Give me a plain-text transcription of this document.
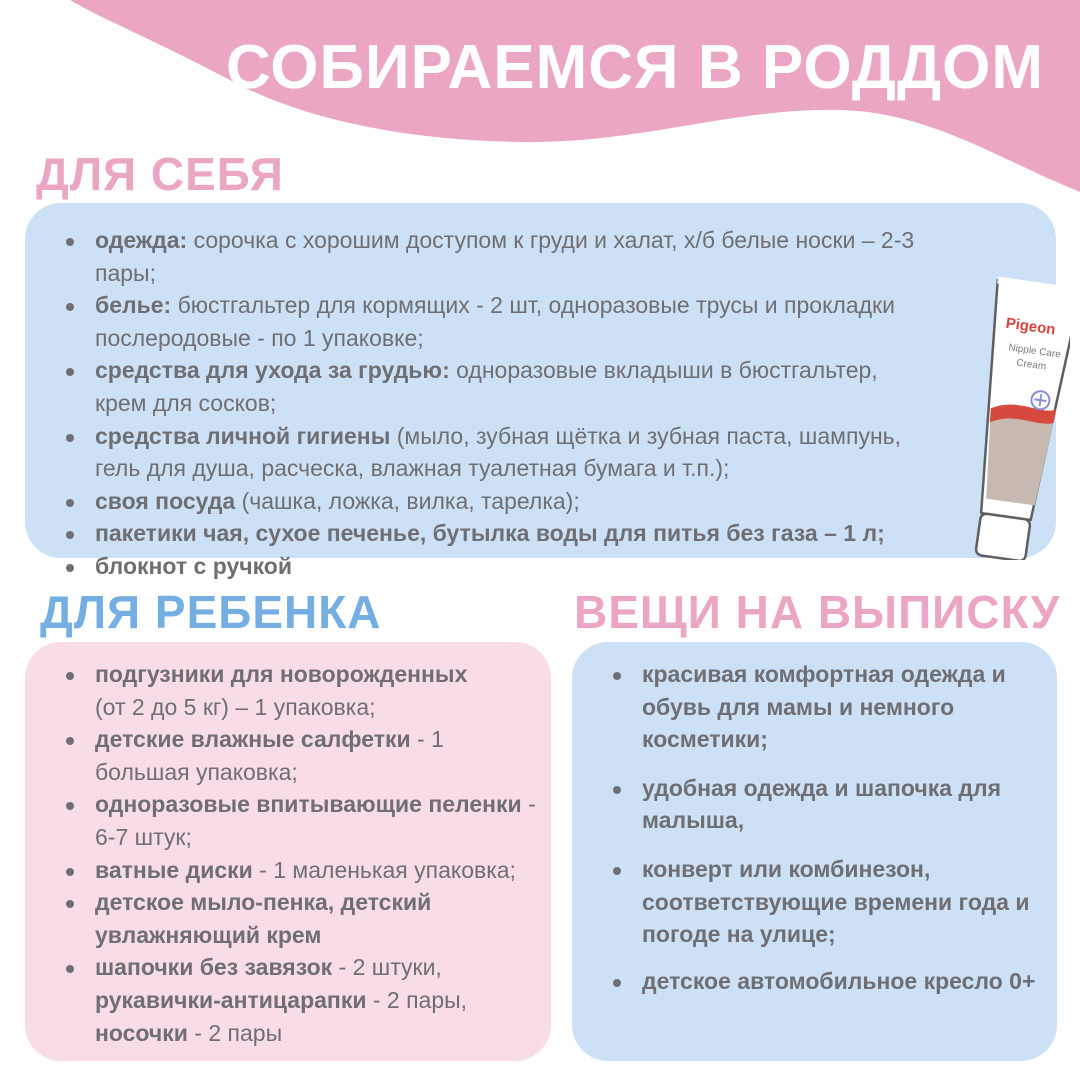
СОБИРАЕМСЯ В РОДДОМ
ДЛЯ СЕБЯ
одежда: сорочка с хорошим доступом к груди и халат, х/б белые носки – 2-3 пары;
белье: бюстгальтер для кормящих - 2 шт, одноразовые трусы и прокладки послеродовые - по 1 упаковке;
средства для ухода за грудью: одноразовые вкладыши в бюстгальтер, крем для сосков;
средства личной гигиены (мыло, зубная щётка и зубная паста, шампунь, гель для душа, расческа, влажная туалетная бумага и т.п.);
своя посуда (чашка, ложка, вилка, тарелка);
пакетики чая, сухое печенье, бутылка воды для питья без газа – 1 л;
блокнот с ручкой
Pigeon
Nipple Care
Cream
ДЛЯ РЕБЕНКА
подгузники для новорожденных
(от 2 до 5 кг) – 1 упаковка;
детские влажные салфетки - 1 большая упаковка;
одноразовые впитывающие пеленки - 6-7 штук;
ватные диски - 1 маленькая упаковка;
детское мыло-пенка, детский увлажняющий крем
шапочки без завязок - 2 штуки,
рукавички-антицарапки - 2 пары,
носочки - 2 пары
ВЕЩИ НА ВЫПИСКУ
красивая комфортная одежда и обувь для мамы и немного косметики;
удобная одежда и шапочка для малыша,
конверт или комбинезон, соответствующие времени года и погоде на улице;
детское автомобильное кресло 0+
